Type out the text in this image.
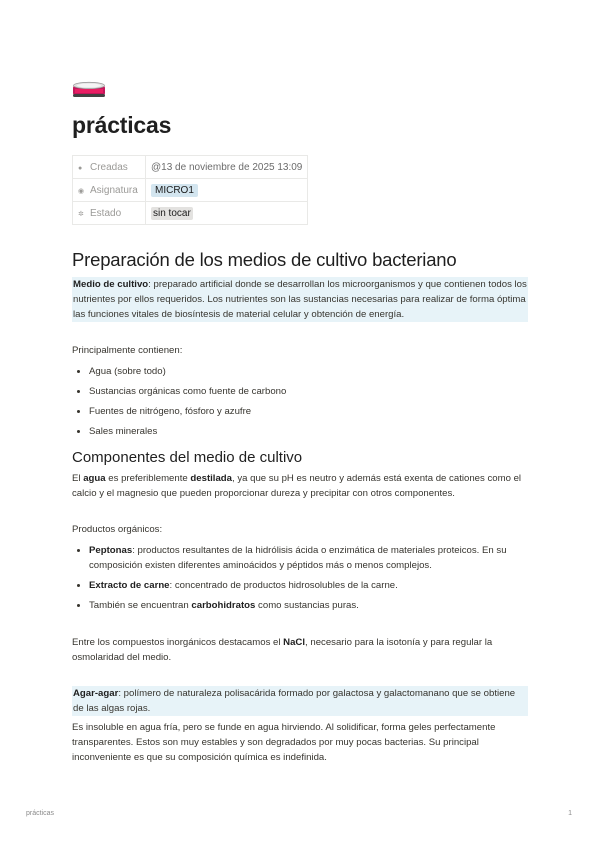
prácticas
● Creadas	@13 de noviembre de 2025 13:09
◉ Asignatura	MICRO1
✲ Estado	sin tocar
Preparación de los medios de cultivo bacteriano

Medio de cultivo: preparado artificial donde se desarrollan los microorganismos y que contienen todos los nutrientes por ellos requeridos. Los nutrientes son las sustancias necesarias para realizar de forma óptima las funciones vitales de biosíntesis de material celular y obtención de energía.

Principalmente contienen:

• Agua (sobre todo)
• Sustancias orgánicas como fuente de carbono
• Fuentes de nitrógeno, fósforo y azufre
• Sales minerales
Componentes del medio de cultivo

El agua es preferiblemente destilada, ya que su pH es neutro y además está exenta de cationes como el calcio y el magnesio que pueden proporcionar dureza y precipitar con otros componentes.

Productos orgánicos:

• Peptonas: productos resultantes de la hidrólisis ácida o enzimática de materiales proteicos. En su composición existen diferentes aminoácidos y péptidos más o menos complejos.
• Extracto de carne: concentrado de productos hidrosolubles de la carne.
• También se encuentran carbohidratos como sustancias puras.

Entre los compuestos inorgánicos destacamos el NaCl, necesario para la isotonía y para regular la osmolaridad del medio.

Agar-agar: polímero de naturaleza polisacárida formado por galactosa y galactomanano que se obtiene de las algas rojas.

Es insoluble en agua fría, pero se funde en agua hirviendo. Al solidificar, forma geles perfectamente transparentes. Estos son muy estables y son degradados por muy pocas bacterias. Su principal inconveniente es que su composición química es indefinida.

prácticas	1
